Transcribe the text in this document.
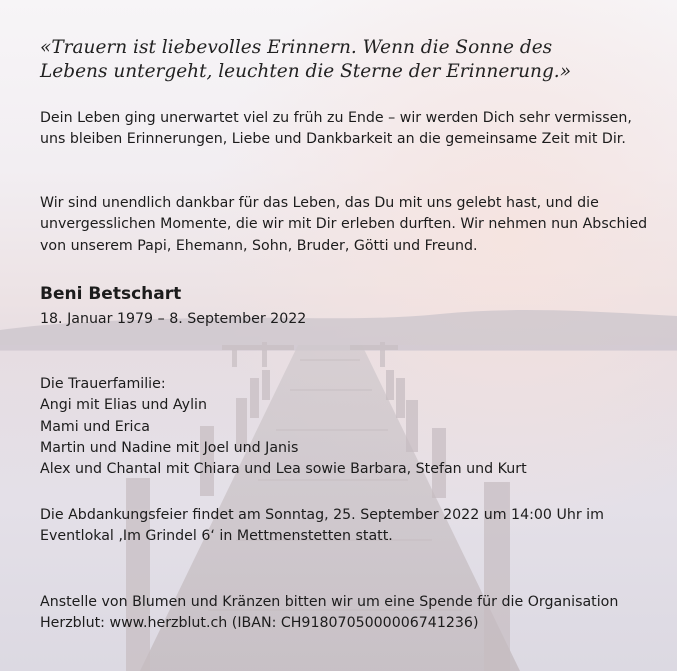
«Trauern ist liebevolles Erinnern. Wenn die Sonne des
Lebens untergeht, leuchten die Sterne der Erinnerung.»
Dein Leben ging unerwartet viel zu früh zu Ende – wir werden Dich sehr vermissen, uns bleiben Erinnerungen, Liebe und Dankbarkeit an die gemeinsame Zeit mit Dir.
Wir sind unendlich dankbar für das Leben, das Du mit uns gelebt hast, und die unvergesslichen Momente, die wir mit Dir erleben durften. Wir nehmen nun Abschied von unserem Papi, Ehemann, Sohn, Bruder, Götti und Freund.
Beni Betschart
18. Januar 1979 – 8. September 2022
Die Trauerfamilie:
Angi mit Elias und Aylin
Mami und Erica
Martin und Nadine mit Joel und Janis
Alex und Chantal mit Chiara und Lea sowie Barbara, Stefan und Kurt
Die Abdankungsfeier findet am Sonntag, 25. September 2022 um 14:00 Uhr im Eventlokal ‚Im Grindel 6‘ in Mettmenstetten statt.
Anstelle von Blumen und Kränzen bitten wir um eine Spende für die Organisation Herzblut: www.herzblut.ch (IBAN: CH9180705000006741236)
